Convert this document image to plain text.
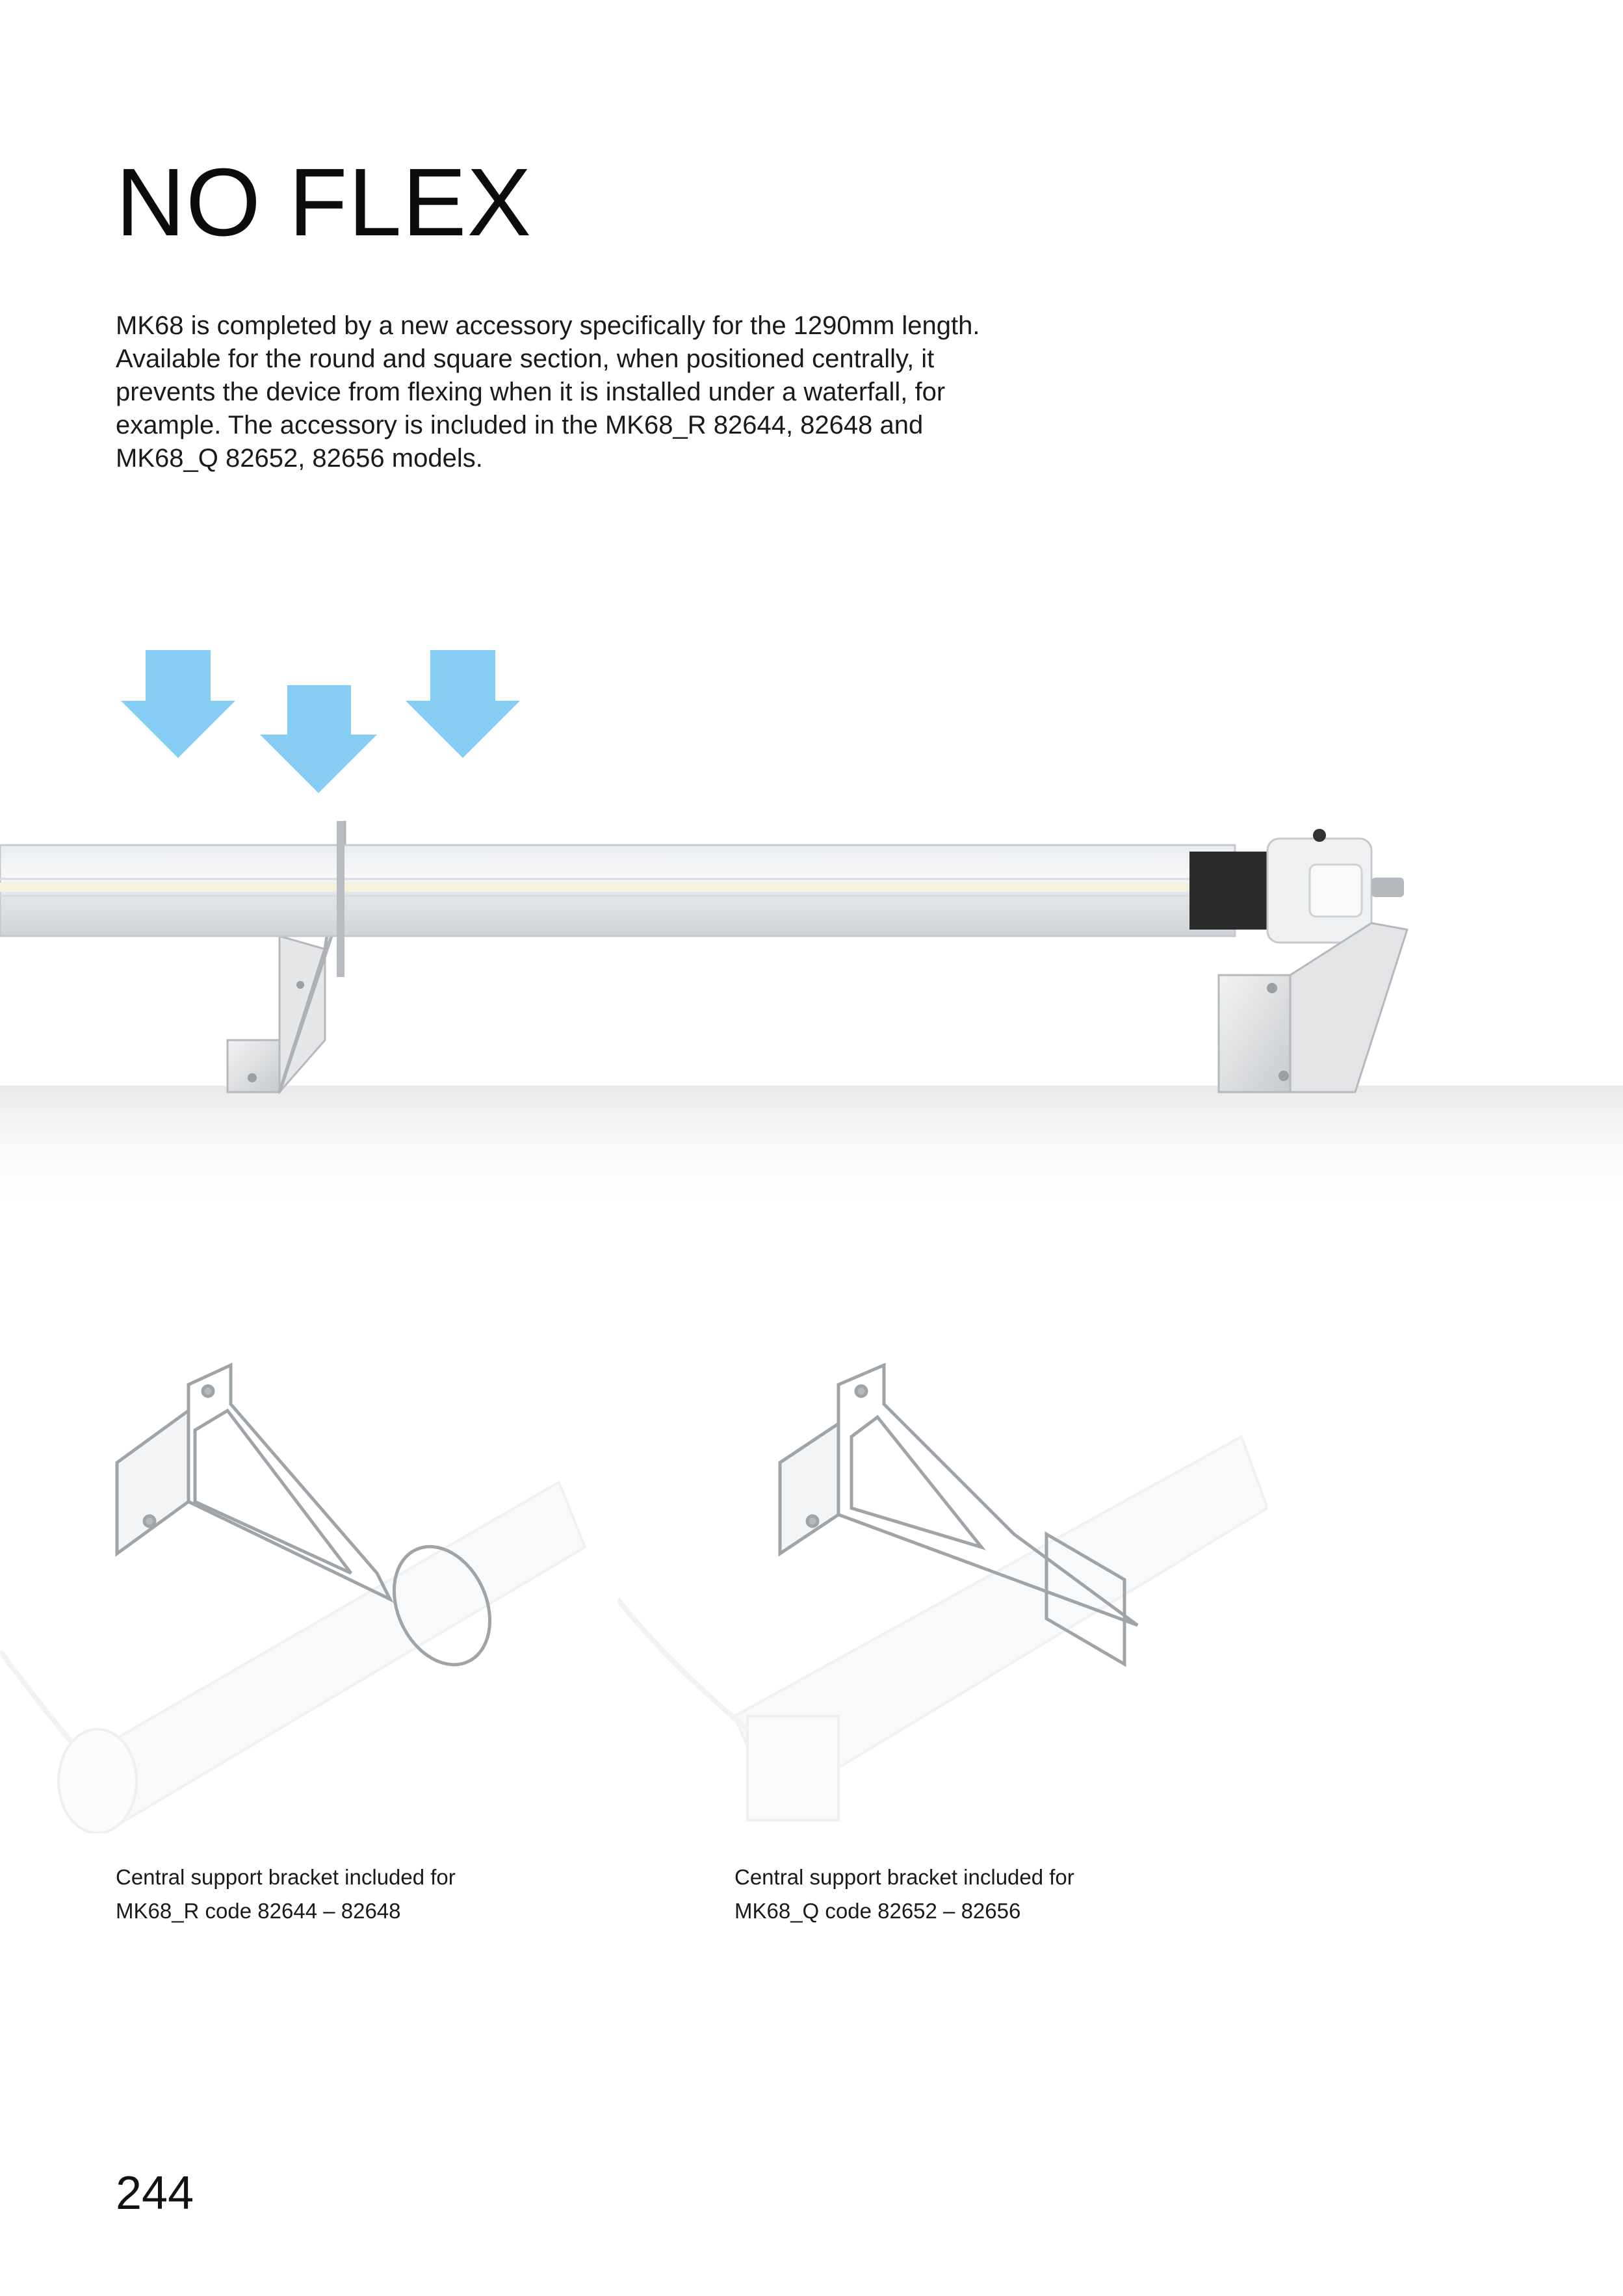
NO FLEX
MK68 is completed by a new accessory specifically for the 1290mm length.
Available for the round and square section, when positioned centrally, it
prevents the device from flexing when it is installed under a waterfall, for
example. The accessory is included in the MK68_R 82644, 82648 and
MK68_Q 82652, 82656 models.
Central support bracket included for
MK68_R code 82644 – 82648
Central support bracket included for
MK68_Q code 82652 – 82656
244
